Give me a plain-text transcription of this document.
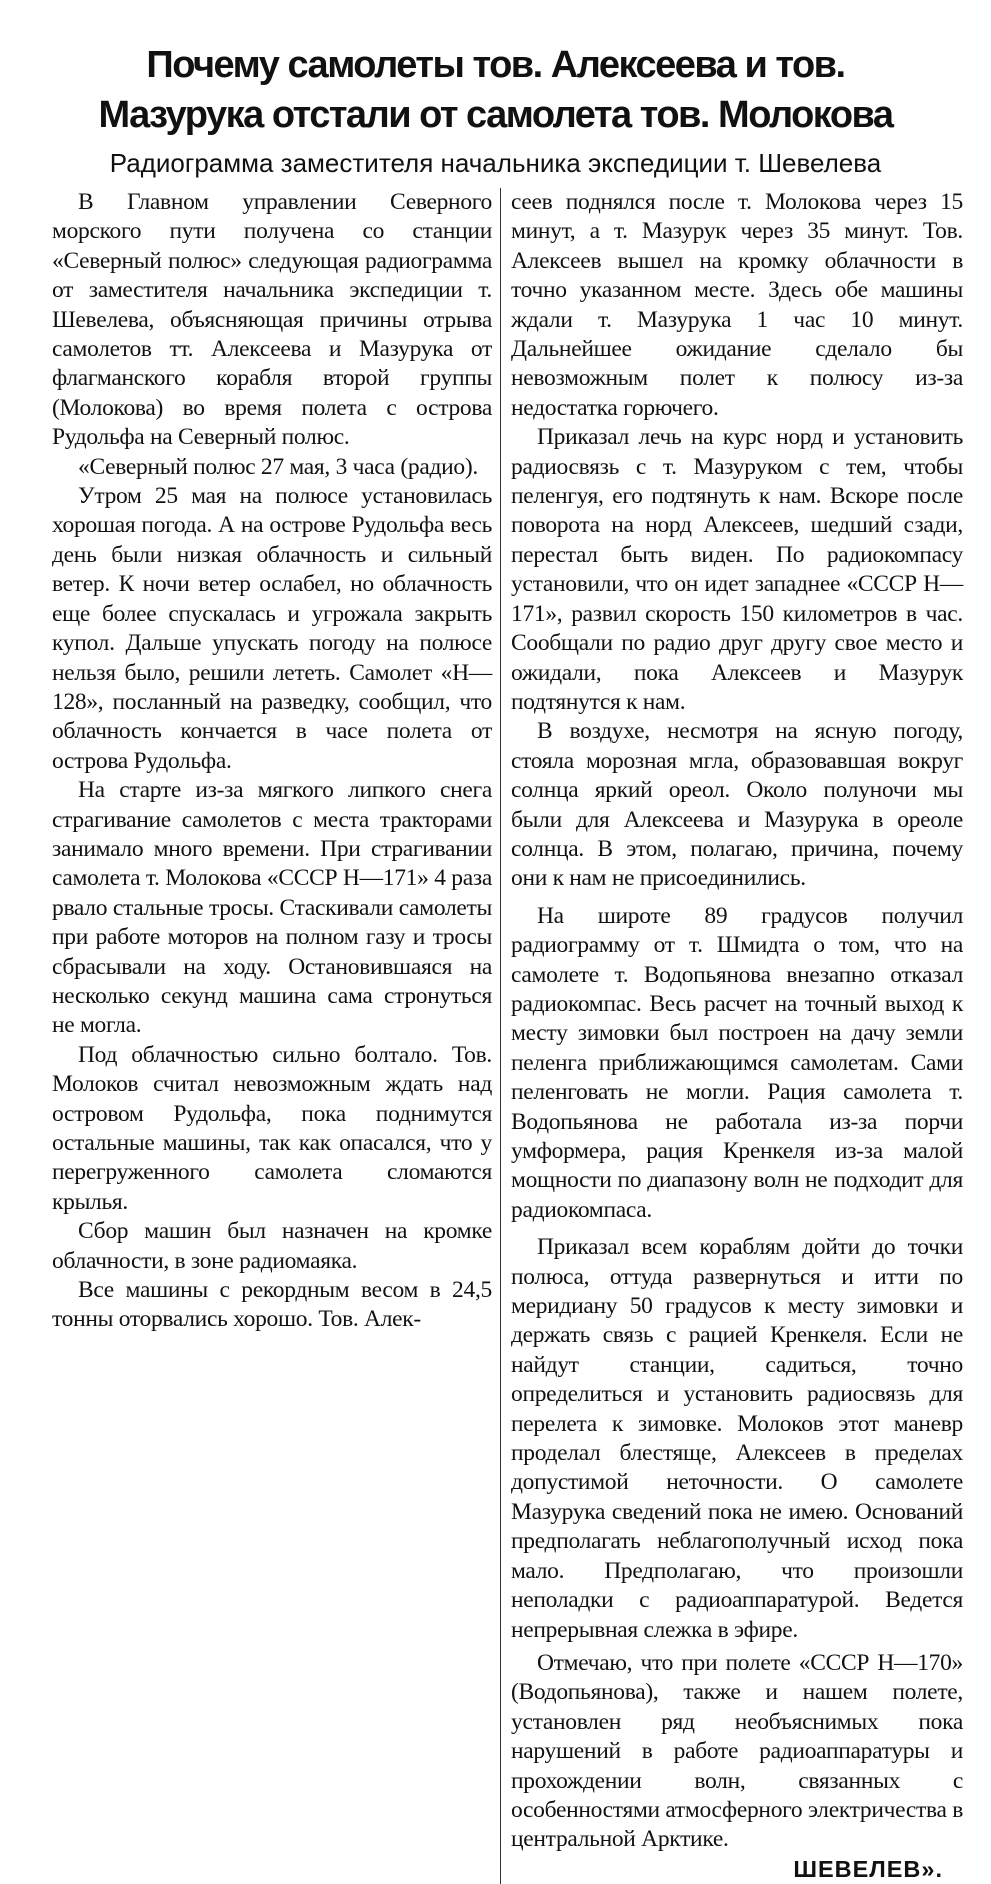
Почему самолеты тов. Алексеева и тов.
Мазурука отстали от самолета тов. Молокова
Радиограмма заместителя начальника экспедиции т. Шевелева

В Главном управлении Северного морского пути получена со станции «Северный полюс» следующая радиограмма от заместителя начальника экспедиции т. Шевелева, объясняющая причины отрыва самолетов тт. Алексеева и Мазурука от флагманского корабля второй группы (Молокова) во время полета с острова Рудольфа на Северный полюс.

«Северный полюс 27 мая, 3 часа (радио).

Утром 25 мая на полюсе установилась хорошая погода. А на острове Рудольфа весь день были низкая облачность и сильный ветер. К ночи ветер ослабел, но облачность еще более спускалась и угрожала закрыть купол. Дальше упускать погоду на полюсе нельзя было, решили лететь. Самолет «Н—128», посланный на разведку, сообщил, что облачность кончается в часе полета от острова Рудольфа.

На старте из-за мягкого липкого снега страгивание самолетов с места тракторами занимало много времени. При страгивании самолета т. Молокова «СССР Н—171» 4 раза рвало стальные тросы. Стаскивали самолеты при работе моторов на полном газу и тросы сбрасывали на ходу. Остановившаяся на несколько секунд машина сама стронуться не могла.

Под облачностью сильно болтало. Тов. Молоков считал невозможным ждать над островом Рудольфа, пока поднимутся остальные машины, так как опасался, что у перегруженного самолета сломаются крылья.

Сбор машин был назначен на кромке облачности, в зоне радиомаяка.

Все машины с рекордным весом в 24,5 тонны оторвались хорошо. Тов. Алек-

сеев поднялся после т. Молокова через 15 минут, а т. Мазурук через 35 минут. Тов. Алексеев вышел на кромку облачности в точно указанном месте. Здесь обе машины ждали т. Мазурука 1 час 10 минут. Дальнейшее ожидание сделало бы невозможным полет к полюсу из-за недостатка горючего.

Приказал лечь на курс норд и установить радиосвязь с т. Мазуруком с тем, чтобы пеленгуя, его подтянуть к нам. Вскоре после поворота на норд Алексеев, шедший сзади, перестал быть виден. По радиокомпасу установили, что он идет западнее «СССР Н—171», развил скорость 150 километров в час. Сообщали по радио друг другу свое место и ожидали, пока Алексеев и Мазурук подтянутся к нам.

В воздухе, несмотря на ясную погоду, стояла морозная мгла, образовавшая вокруг солнца яркий ореол. Около полуночи мы были для Алексеева и Мазурука в ореоле солнца. В этом, полагаю, причина, почему они к нам не присоединились.

На широте 89 градусов получил радиограмму от т. Шмидта о том, что на самолете т. Водопьянова внезапно отказал радиокомпас. Весь расчет на точный выход к месту зимовки был построен на дачу земли пеленга приближающимся самолетам. Сами пеленговать не могли. Рация самолета т. Водопьянова не работала из-за порчи умформера, рация Кренкеля из-за малой мощности по диапазону волн не подходит для радиокомпаса.

Приказал всем кораблям дойти до точки полюса, оттуда развернуться и итти по меридиану 50 градусов к месту зимовки и держать связь с рацией Кренкеля. Если не найдут станции, садиться, точно определиться и установить радиосвязь для перелета к зимовке. Молоков этот маневр проделал блестяще, Алексеев в пределах допустимой неточности. О самолете Мазурука сведений пока не имею. Оснований предполагать неблагополучный исход пока мало. Предполагаю, что произошли неполадки с радиоаппаратурой. Ведется непрерывная слежка в эфире.

Отмечаю, что при полете «СССР Н—170» (Водопьянова), также и нашем полете, установлен ряд необъяснимых пока нарушений в работе радиоаппаратуры и прохождении волн, связанных с особенностями атмосферного электричества в центральной Арктике.

ШЕВЕЛЕВ».
